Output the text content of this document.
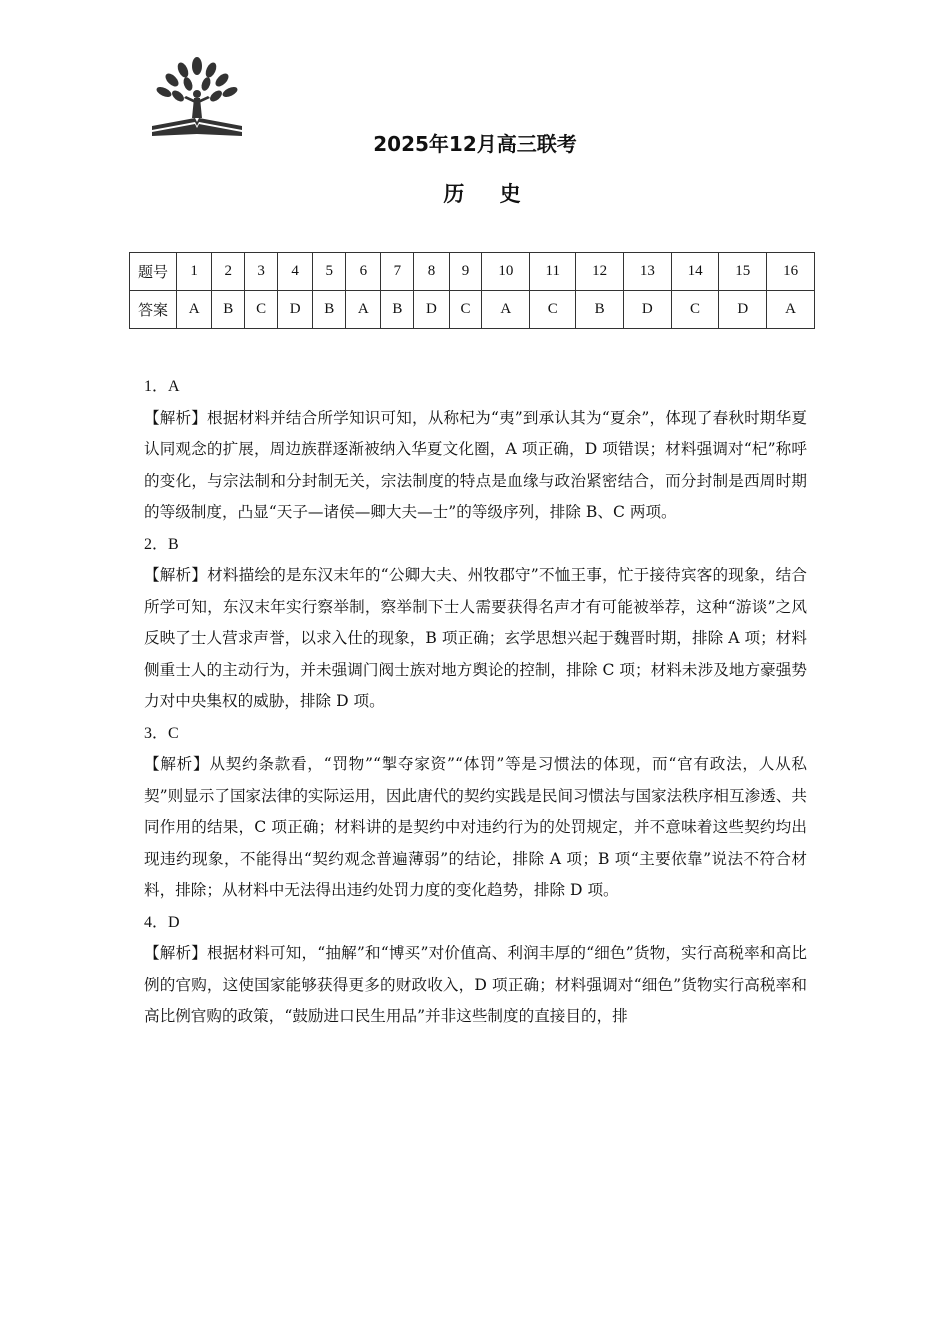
2025年12月高三联考
历 史
题号	1	2	3	4	5	6	7	8	9	10	11	12	13	14	15	16
答案	A	B	C	D	B	A	B	D	C	A	C	B	D	C	D	A

1．A

【解析】根据材料并结合所学知识可知，从称杞为“夷”到承认其为“夏余”，体现了春秋时期华夏认同观念的扩展，周边族群逐渐被纳入华夏文化圈，A 项正确，D 项错误；材料强调对“杞”称呼的变化，与宗法制和分封制无关，宗法制度的特点是血缘与政治紧密结合，而分封制是西周时期的等级制度，凸显“天子—诸侯—卿大夫—士”的等级序列，排除 B、C 两项。

2．B

【解析】材料描绘的是东汉末年的“公卿大夫、州牧郡守”不恤王事，忙于接待宾客的现象，结合所学可知，东汉末年实行察举制，察举制下士人需要获得名声才有可能被举荐，这种“游谈”之风反映了士人营求声誉，以求入仕的现象，B 项正确；玄学思想兴起于魏晋时期，排除 A 项；材料侧重士人的主动行为，并未强调门阀士族对地方舆论的控制，排除 C 项；材料未涉及地方豪强势力对中央集权的威胁，排除 D 项。

3．C

【解析】从契约条款看，“罚物”“掣夺家资”“体罚”等是习惯法的体现，而“官有政法，人从私契”则显示了国家法律的实际运用，因此唐代的契约实践是民间习惯法与国家法秩序相互渗透、共同作用的结果，C 项正确；材料讲的是契约中对违约行为的处罚规定，并不意味着这些契约均出现违约现象，不能得出“契约观念普遍薄弱”的结论，排除 A 项；B 项“主要依靠”说法不符合材料，排除；从材料中无法得出违约处罚力度的变化趋势，排除 D 项。

4．D

【解析】根据材料可知，“抽解”和“博买”对价值高、利润丰厚的“细色”货物，实行高税率和高比例的官购，这使国家能够获得更多的财政收入，D 项正确；材料强调对“细色”货物实行高税率和高比例官购的政策，“鼓励进口民生用品”并非这些制度的直接目的，排
